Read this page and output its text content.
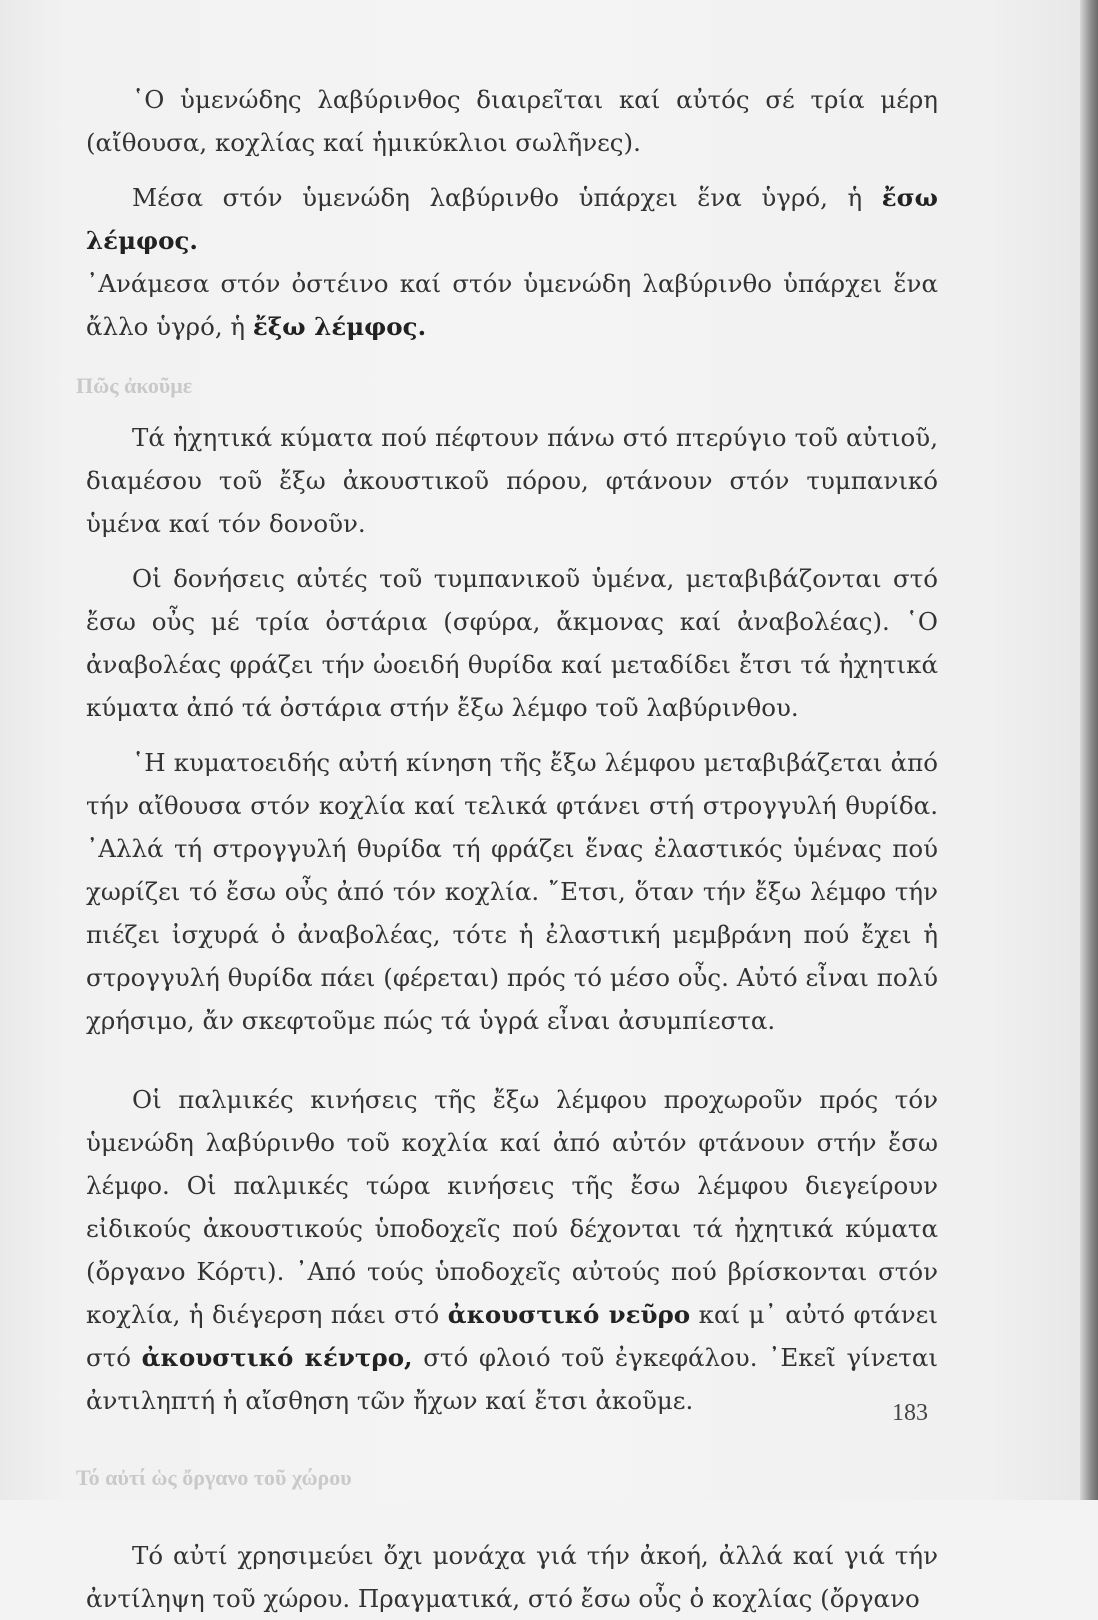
῾Ο ὑμενώδης λαβύρινθος διαιρεῖται καί αὐτός σέ τρία μέρη (αἴθουσα, κοχλίας καί ἡμικύκλιοι σωλῆνες).

Μέσα στόν ὑμενώδη λαβύρινθο ὑπάρχει ἕνα ὑγρό, ἡ ἔσω λέμφος.

᾿Ανάμεσα στόν ὀστέινο καί στόν ὑμενώδη λαβύρινθο ὑπάρχει ἕνα ἄλλο ὑγρό, ἡ ἔξω λέμφος.

Πῶς ἀκοῦμε

Τά ἠχητικά κύματα πού πέφτουν πάνω στό πτερύγιο τοῦ αὐτιοῦ, διαμέσου τοῦ ἔξω ἀκουστικοῦ πόρου, φτάνουν στόν τυμπανικό ὑμένα καί τόν δονοῦν.

Οἱ δονήσεις αὐτές τοῦ τυμπανικοῦ ὑμένα, μεταβιβάζονται στό ἔσω οὖς μέ τρία ὀστάρια (σφύρα, ἄκμονας καί ἀναβολέας). ῾Ο ἀναβολέας φράζει τήν ὠοειδή θυρίδα καί μεταδίδει ἔτσι τά ἠχητικά κύματα ἀπό τά ὀστάρια στήν ἔξω λέμφο τοῦ λαβύρινθου.

῾Η κυματοειδής αὐτή κίνηση τῆς ἔξω λέμφου μεταβιβάζεται ἀπό τήν αἴθουσα στόν κοχλία καί τελικά φτάνει στή στρογγυλή θυρίδα. ᾿Αλλά τή στρογγυλή θυρίδα τή φράζει ἕνας ἐλαστικός ὑμένας πού χωρίζει τό ἔσω οὖς ἀπό τόν κοχλία. ῎Ετσι, ὅταν τήν ἔξω λέμφο τήν πιέζει ἰσχυρά ὁ ἀναβολέας, τότε ἡ ἐλαστική μεμβράνη πού ἔχει ἡ στρογγυλή θυρίδα πάει (φέρεται) πρός τό μέσο οὖς. Αὐτό εἶναι πολύ χρήσιμο, ἄν σκεφτοῦμε πώς τά ὑγρά εἶναι ἀσυμπίεστα.

Οἱ παλμικές κινήσεις τῆς ἔξω λέμφου προχωροῦν πρός τόν ὑμενώδη λαβύρινθο τοῦ κοχλία καί ἀπό αὐτόν φτάνουν στήν ἔσω λέμφο. Οἱ παλμικές τώρα κινήσεις τῆς ἔσω λέμφου διεγείρουν εἰδικούς ἀκουστικούς ὑποδοχεῖς πού δέχονται τά ἠχητικά κύματα (ὄργανο Κόρτι). ᾿Από τούς ὑποδοχεῖς αὐτούς πού βρίσκονται στόν κοχλία, ἡ διέγερση πάει στό ἀκουστικό νεῦρο καί μ᾿ αὐτό φτάνει στό ἀκουστικό κέντρο, στό φλοιό τοῦ ἐγκεφάλου. ᾿Εκεῖ γίνεται ἀντιληπτή ἡ αἴσθηση τῶν ἤχων καί ἔτσι ἀκοῦμε.

Τό αὐτί ὡς ὄργανο τοῦ χώρου

Τό αὐτί χρησιμεύει ὄχι μονάχα γιά τήν ἀκοή, ἀλλά καί γιά τήν ἀντίληψη τοῦ χώρου. Πραγματικά, στό ἔσω οὖς ὁ κοχλίας (ὄργανο

183
